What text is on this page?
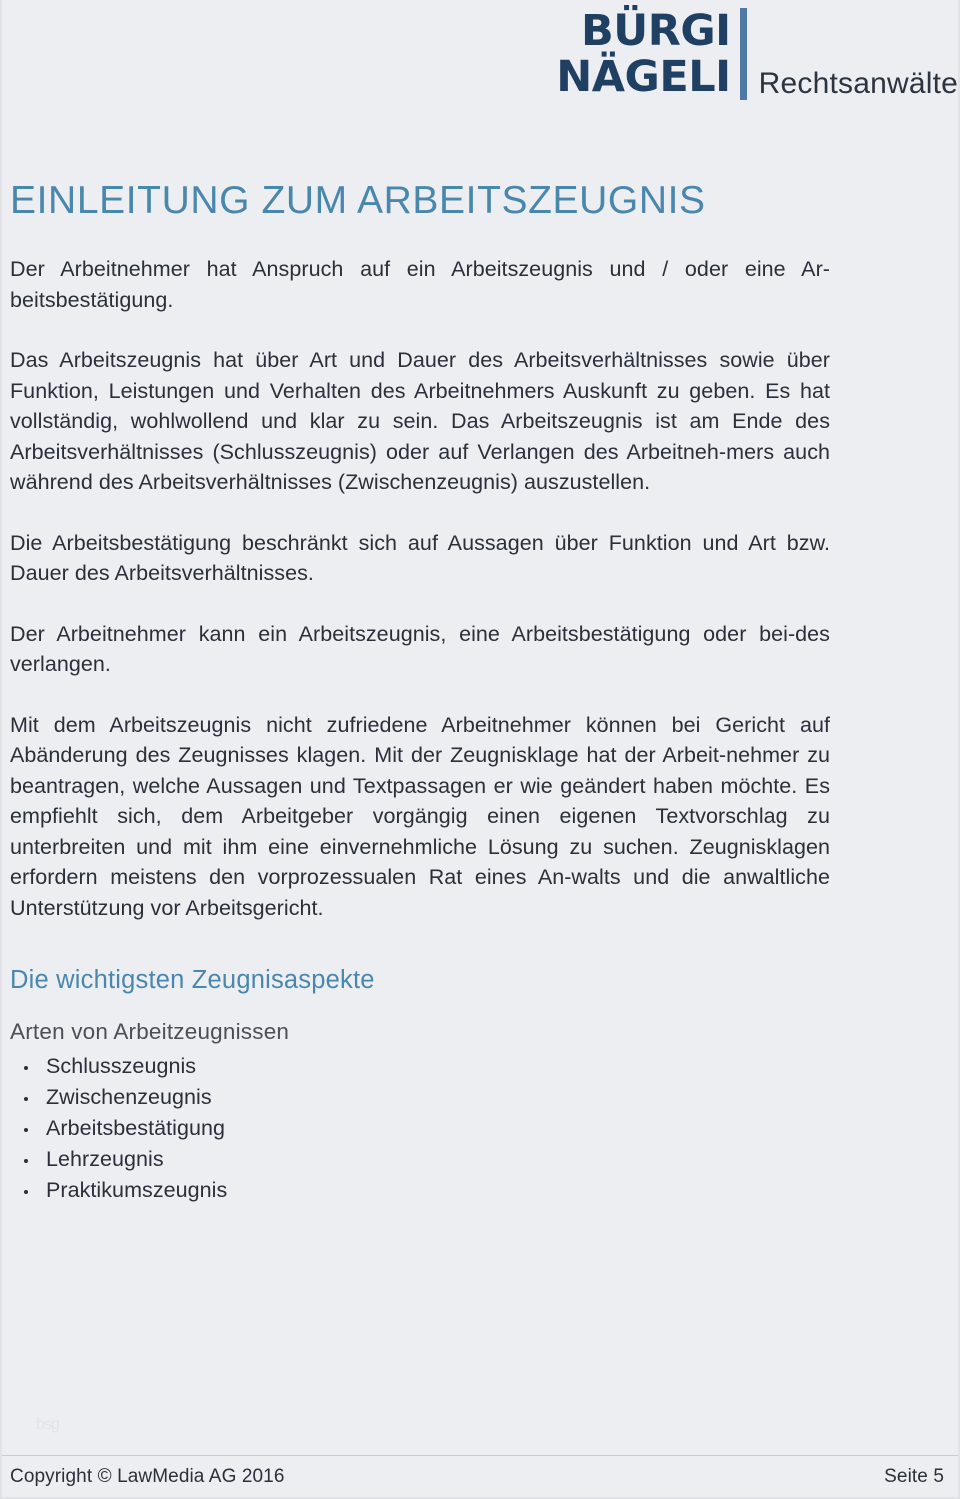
BÜRGI
NÄGELI Rechtsanwälte
EINLEITUNG ZUM ARBEITSZEUGNIS

Der Arbeitnehmer hat Anspruch auf ein Arbeitszeugnis und / oder eine Ar-beitsbestätigung.

Das Arbeitszeugnis hat über Art und Dauer des Arbeitsverhältnisses sowie über Funktion, Leistungen und Verhalten des Arbeitnehmers Auskunft zu geben. Es hat vollständig, wohlwollend und klar zu sein. Das Arbeitszeugnis ist am Ende des Arbeitsverhältnisses (Schlusszeugnis) oder auf Verlangen des Arbeitneh-mers auch während des Arbeitsverhältnisses (Zwischenzeugnis) auszustellen.

Die Arbeitsbestätigung beschränkt sich auf Aussagen über Funktion und Art bzw. Dauer des Arbeitsverhältnisses.

Der Arbeitnehmer kann ein Arbeitszeugnis, eine Arbeitsbestätigung oder bei-des verlangen.

Mit dem Arbeitszeugnis nicht zufriedene Arbeitnehmer können bei Gericht auf Abänderung des Zeugnisses klagen. Mit der Zeugnisklage hat der Arbeit-nehmer zu beantragen, welche Aussagen und Textpassagen er wie geändert haben möchte. Es empfiehlt sich, dem Arbeitgeber vorgängig einen eigenen Textvorschlag zu unterbreiten und mit ihm eine einvernehmliche Lösung zu suchen. Zeugnisklagen erfordern meistens den vorprozessualen Rat eines An-walts und die anwaltliche Unterstützung vor Arbeitsgericht.

Die wichtigsten Zeugnisaspekte
Arten von Arbeitzeugnissen
Schlusszeugnis
Zwischenzeugnis
Arbeitsbestätigung
Lehrzeugnis
Praktikumszeugnis
bsg
Copyright © LawMedia AG 2016	Seite 5
